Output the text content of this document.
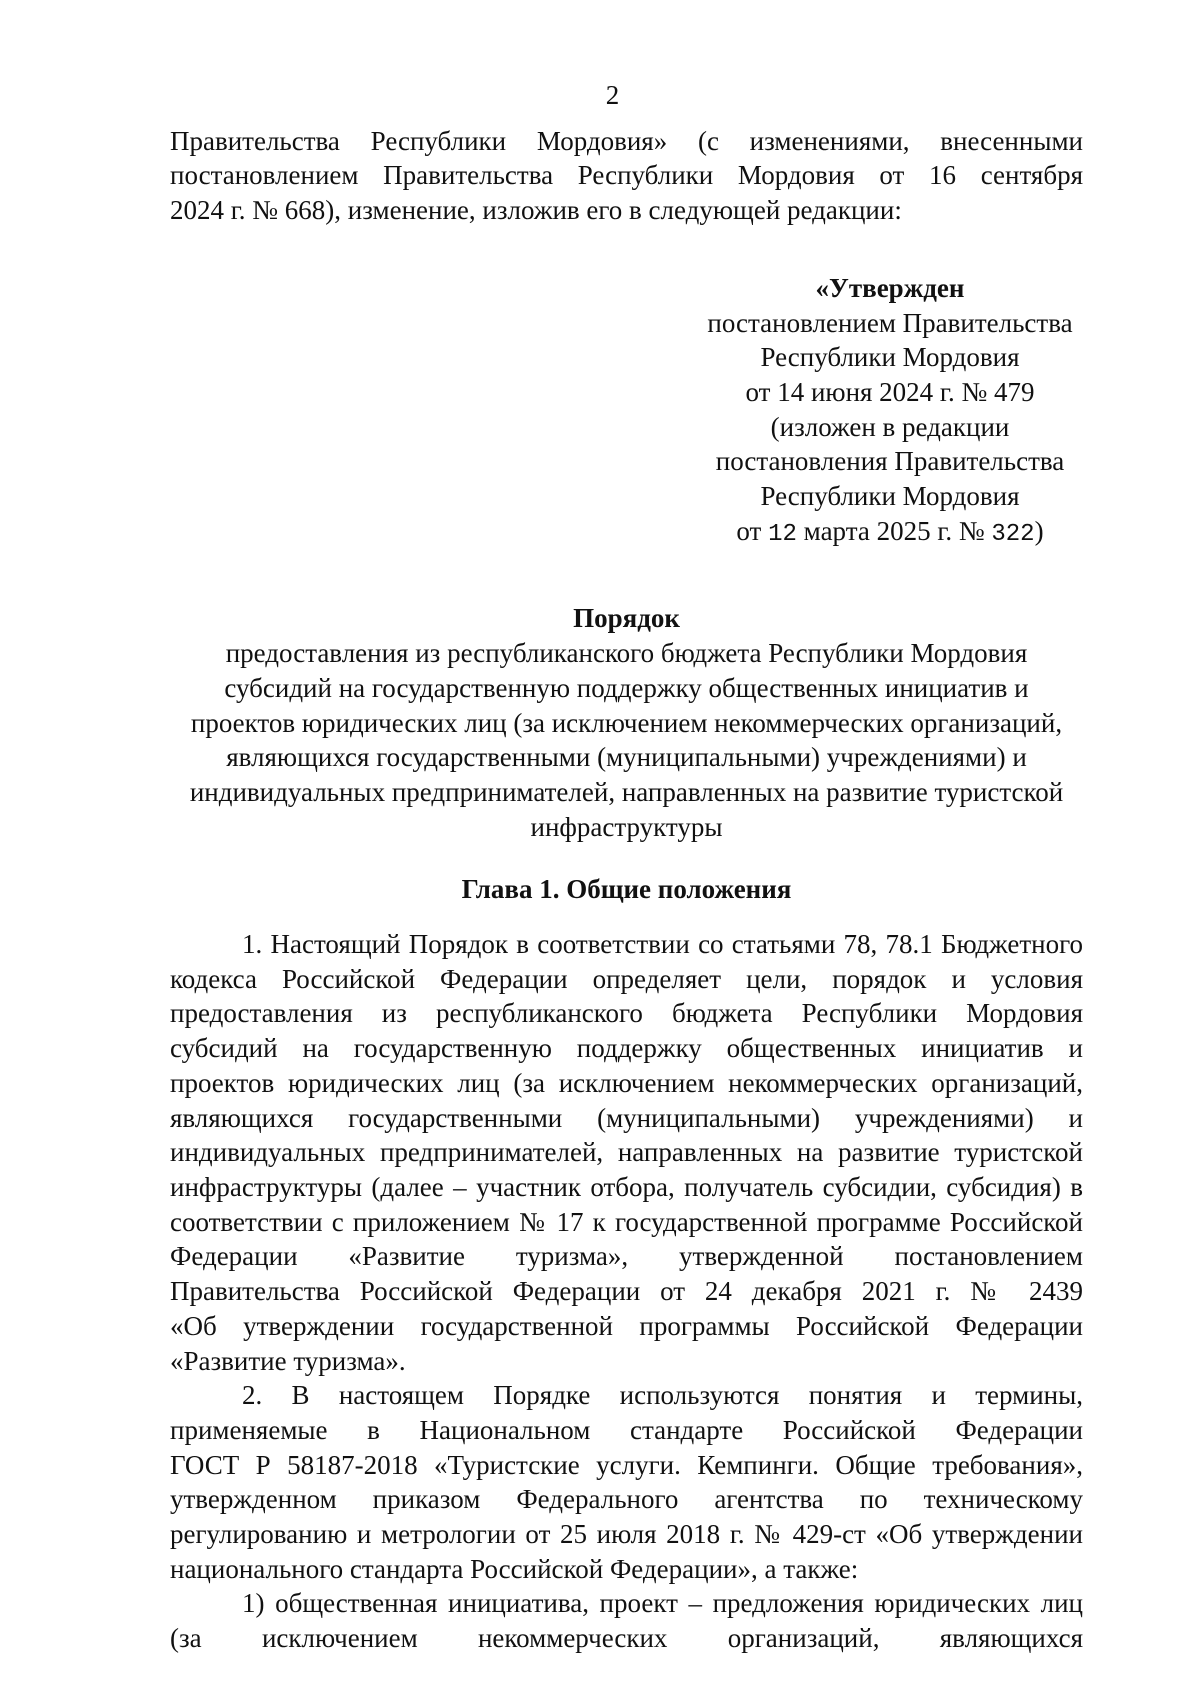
2

Правительства Республики Мордовия» (с изменениями, внесенными

постановлением Правительства Республики Мордовия от 16 сентября

2024 г. № 668), изменение, изложив его в следующей редакции:

«Утвержден
постановлением Правительства
Республики Мордовия
от 14 июня 2024 г. № 479
(изложен в редакции
постановления Правительства
Республики Мордовия
от 12 марта 2025 г. № 322)
Порядок
предоставления из республиканского бюджета Республики Мордовия
субсидий на государственную поддержку общественных инициатив и
проектов юридических лиц (за исключением некоммерческих организаций,
являющихся государственными (муниципальными) учреждениями) и
индивидуальных предпринимателей, направленных на развитие туристской
инфраструктуры
Глава 1. Общие положения

1. Настоящий Порядок в соответствии со статьями 78, 78.1 Бюджетного

кодекса Российской Федерации определяет цели, порядок и условия

предоставления из республиканского бюджета Республики Мордовия

субсидий на государственную поддержку общественных инициатив и

проектов юридических лиц (за исключением некоммерческих организаций,

являющихся государственными (муниципальными) учреждениями) и

индивидуальных предпринимателей, направленных на развитие туристской

инфраструктуры (далее – участник отбора, получатель субсидии, субсидия) в

соответствии с приложением № 17 к государственной программе Российской

Федерации «Развитие туризма», утвержденной постановлением

Правительства Российской Федерации от 24 декабря 2021 г. № 2439

«Об утверждении государственной программы Российской Федерации

«Развитие туризма».

2. В настоящем Порядке используются понятия и термины,

применяемые в Национальном стандарте Российской Федерации

ГОСТ Р 58187-2018 «Туристские услуги. Кемпинги. Общие требования»,

утвержденном приказом Федерального агентства по техническому

регулированию и метрологии от 25 июля 2018 г. № 429-ст «Об утверждении

национального стандарта Российской Федерации», а также:

1) общественная инициатива, проект – предложения юридических лиц

(за исключением некоммерческих организаций, являющихся
